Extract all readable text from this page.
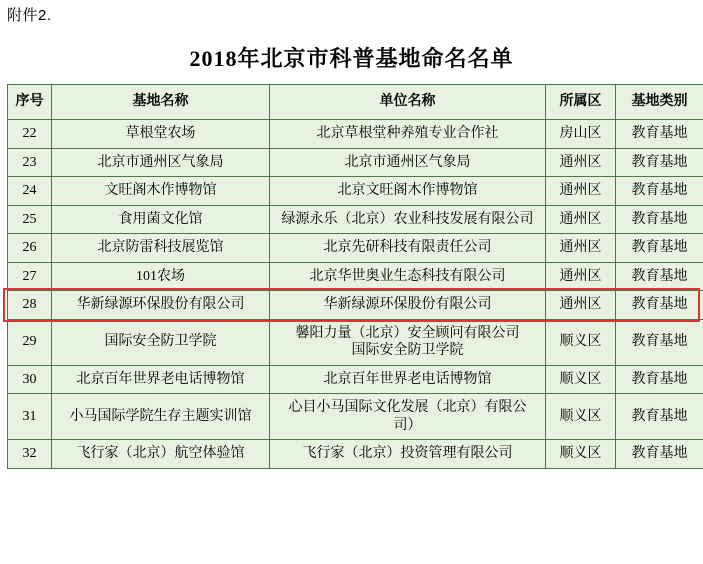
附件2.
2018年北京市科普基地命名名单
序号	基地名称	单位名称	所属区	基地类别
22	草根堂农场	北京草根堂种养殖专业合作社	房山区	教育基地
23	北京市通州区气象局	北京市通州区气象局	通州区	教育基地
24	文旺阁木作博物馆	北京文旺阁木作博物馆	通州区	教育基地
25	食用菌文化馆	绿源永乐（北京）农业科技发展有限公司	通州区	教育基地
26	北京防雷科技展览馆	北京先研科技有限责任公司	通州区	教育基地
27	101农场	北京华世奥业生态科技有限公司	通州区	教育基地
28	华新绿源环保股份有限公司	华新绿源环保股份有限公司	通州区	教育基地
29	国际安全防卫学院	馨阳力量（北京）安全顾问有限公司
国际安全防卫学院	顺义区	教育基地
30	北京百年世界老电话博物馆	北京百年世界老电话博物馆	顺义区	教育基地
31	小马国际学院生存主题实训馆	心目小马国际文化发展（北京）有限公
司）	顺义区	教育基地
32	飞行家（北京）航空体验馆	飞行家（北京）投资管理有限公司	顺义区	教育基地
